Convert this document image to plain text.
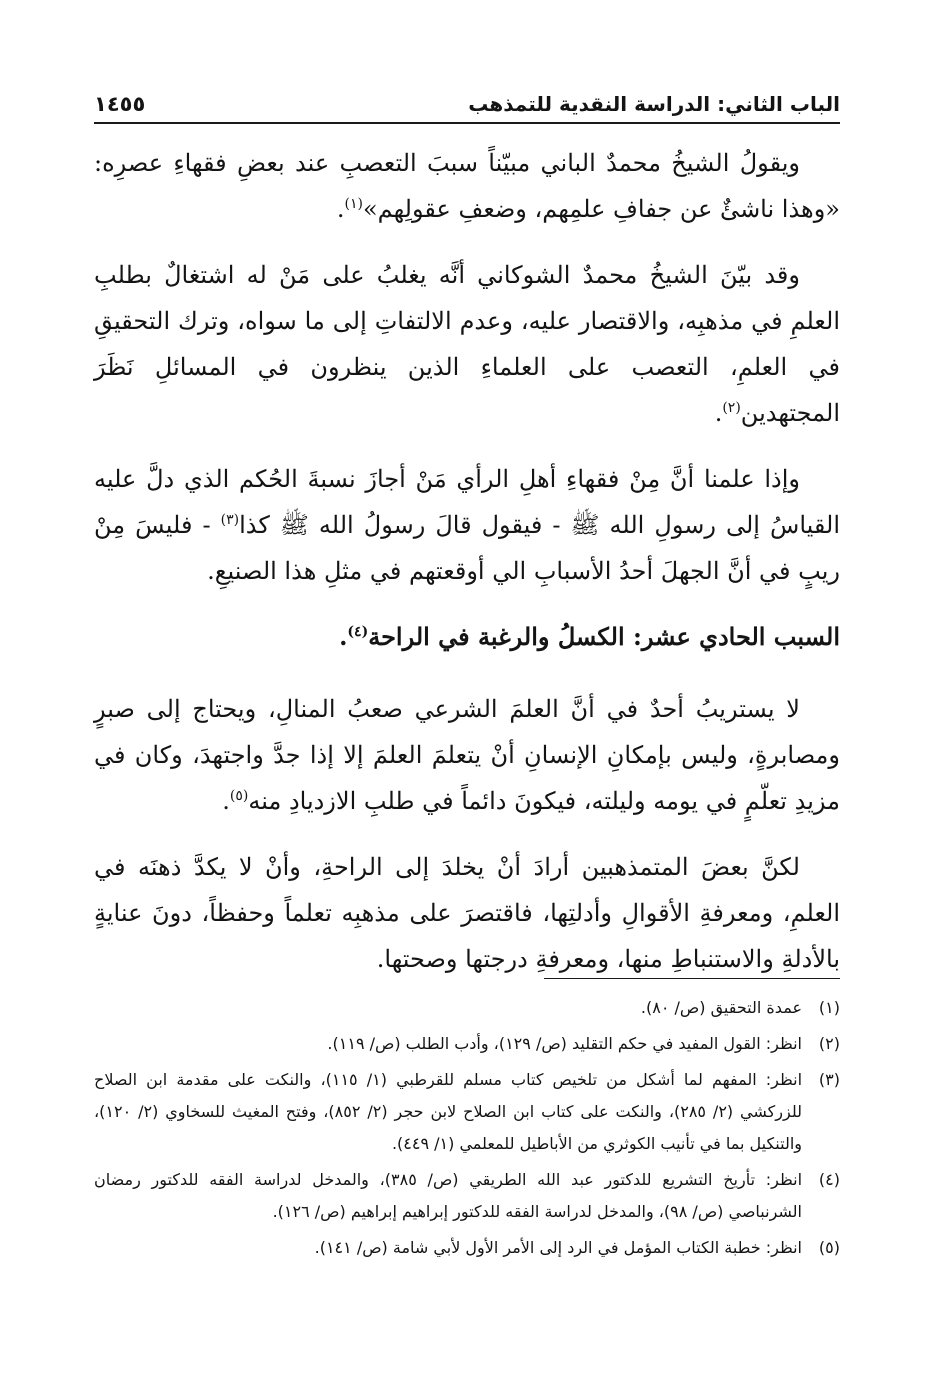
الباب الثاني: الدراسة النقدية للتمذهب
١٤٥٥

ويقولُ الشيخُ محمدٌ الباني مبيّناً سببَ التعصبِ عند بعضِ فقهاءِ عصرِه: «وهذا ناشئٌ عن جفافِ علمِهم، وضعفِ عقولِهم»$^{(١)}$.

وقد بيّنَ الشيخُ محمدٌ الشوكاني أنَّه يغلبُ على مَنْ له اشتغالٌ بطلبِ العلمِ في مذهبِه، والاقتصار عليه، وعدم الالتفاتِ إلى ما سواه، وترك التحقيقِ في العلمِ، التعصب على العلماءِ الذين ينظرون في المسائلِ نَظَرَ المجتهدين$^{(٢)}$.

وإذا علمنا أنَّ مِنْ فقهاءِ أهلِ الرأي مَنْ أجازَ نسبةَ الحُكم الذي دلَّ عليه القياسُ إلى رسولِ الله ﷺ - فيقول قالَ رسولُ الله ﷺ كذا$^{(٣)}$ - فليسَ مِنْ ريبٍ في أنَّ الجهلَ أحدُ الأسبابِ الي أوقعتهم في مثلِ هذا الصنيعِ.

السبب الحادي عشر: الكسلُ والرغبة في الراحة$^{(٤)}$.

لا يستريبُ أحدٌ في أنَّ العلمَ الشرعي صعبُ المنالِ، ويحتاج إلى صبرٍ ومصابرةٍ، وليس بإمكانِ الإنسانِ أنْ يتعلمَ العلمَ إلا إذا جدَّ واجتهدَ، وكان في مزيدِ تعلّمٍ في يومه وليلته، فيكونَ دائماً في طلبِ الازديادِ منه$^{(٥)}$.

لكنَّ بعضَ المتمذهبين أرادَ أنْ يخلدَ إلى الراحةِ، وأنْ لا يكدَّ ذهنَه في العلمِ، ومعرفةِ الأقوالِ وأدلتِها، فاقتصرَ على مذهبِه تعلماً وحفظاً، دونَ عنايةٍ بالأدلةِ والاستنباطِ منها، ومعرفةِ درجتها وصحتها.

(١)
عمدة التحقيق (ص/ ٨٠).
(٢)
انظر: القول المفيد في حكم التقليد (ص/ ١٢٩)، وأدب الطلب (ص/ ١١٩).
(٣)
انظر: المفهم لما أشكل من تلخيص كتاب مسلم للقرطبي (١/ ١١٥)، والنكت على مقدمة ابن الصلاح للزركشي (٢/ ٢٨٥)، والنكت على كتاب ابن الصلاح لابن حجر (٢/ ٨٥٢)، وفتح المغيث للسخاوي (٢/ ١٢٠)، والتنكيل بما في تأنيب الكوثري من الأباطيل للمعلمي (١/ ٤٤٩).
(٤)
انظر: تأريخ التشريع للدكتور عبد الله الطريقي (ص/ ٣٨٥)، والمدخل لدراسة الفقه للدكتور رمضان الشرنباصي (ص/ ٩٨)، والمدخل لدراسة الفقه للدكتور إبراهيم إبراهيم (ص/ ١٢٦).
(٥)
انظر: خطبة الكتاب المؤمل في الرد إلى الأمر الأول لأبي شامة (ص/ ١٤١).
